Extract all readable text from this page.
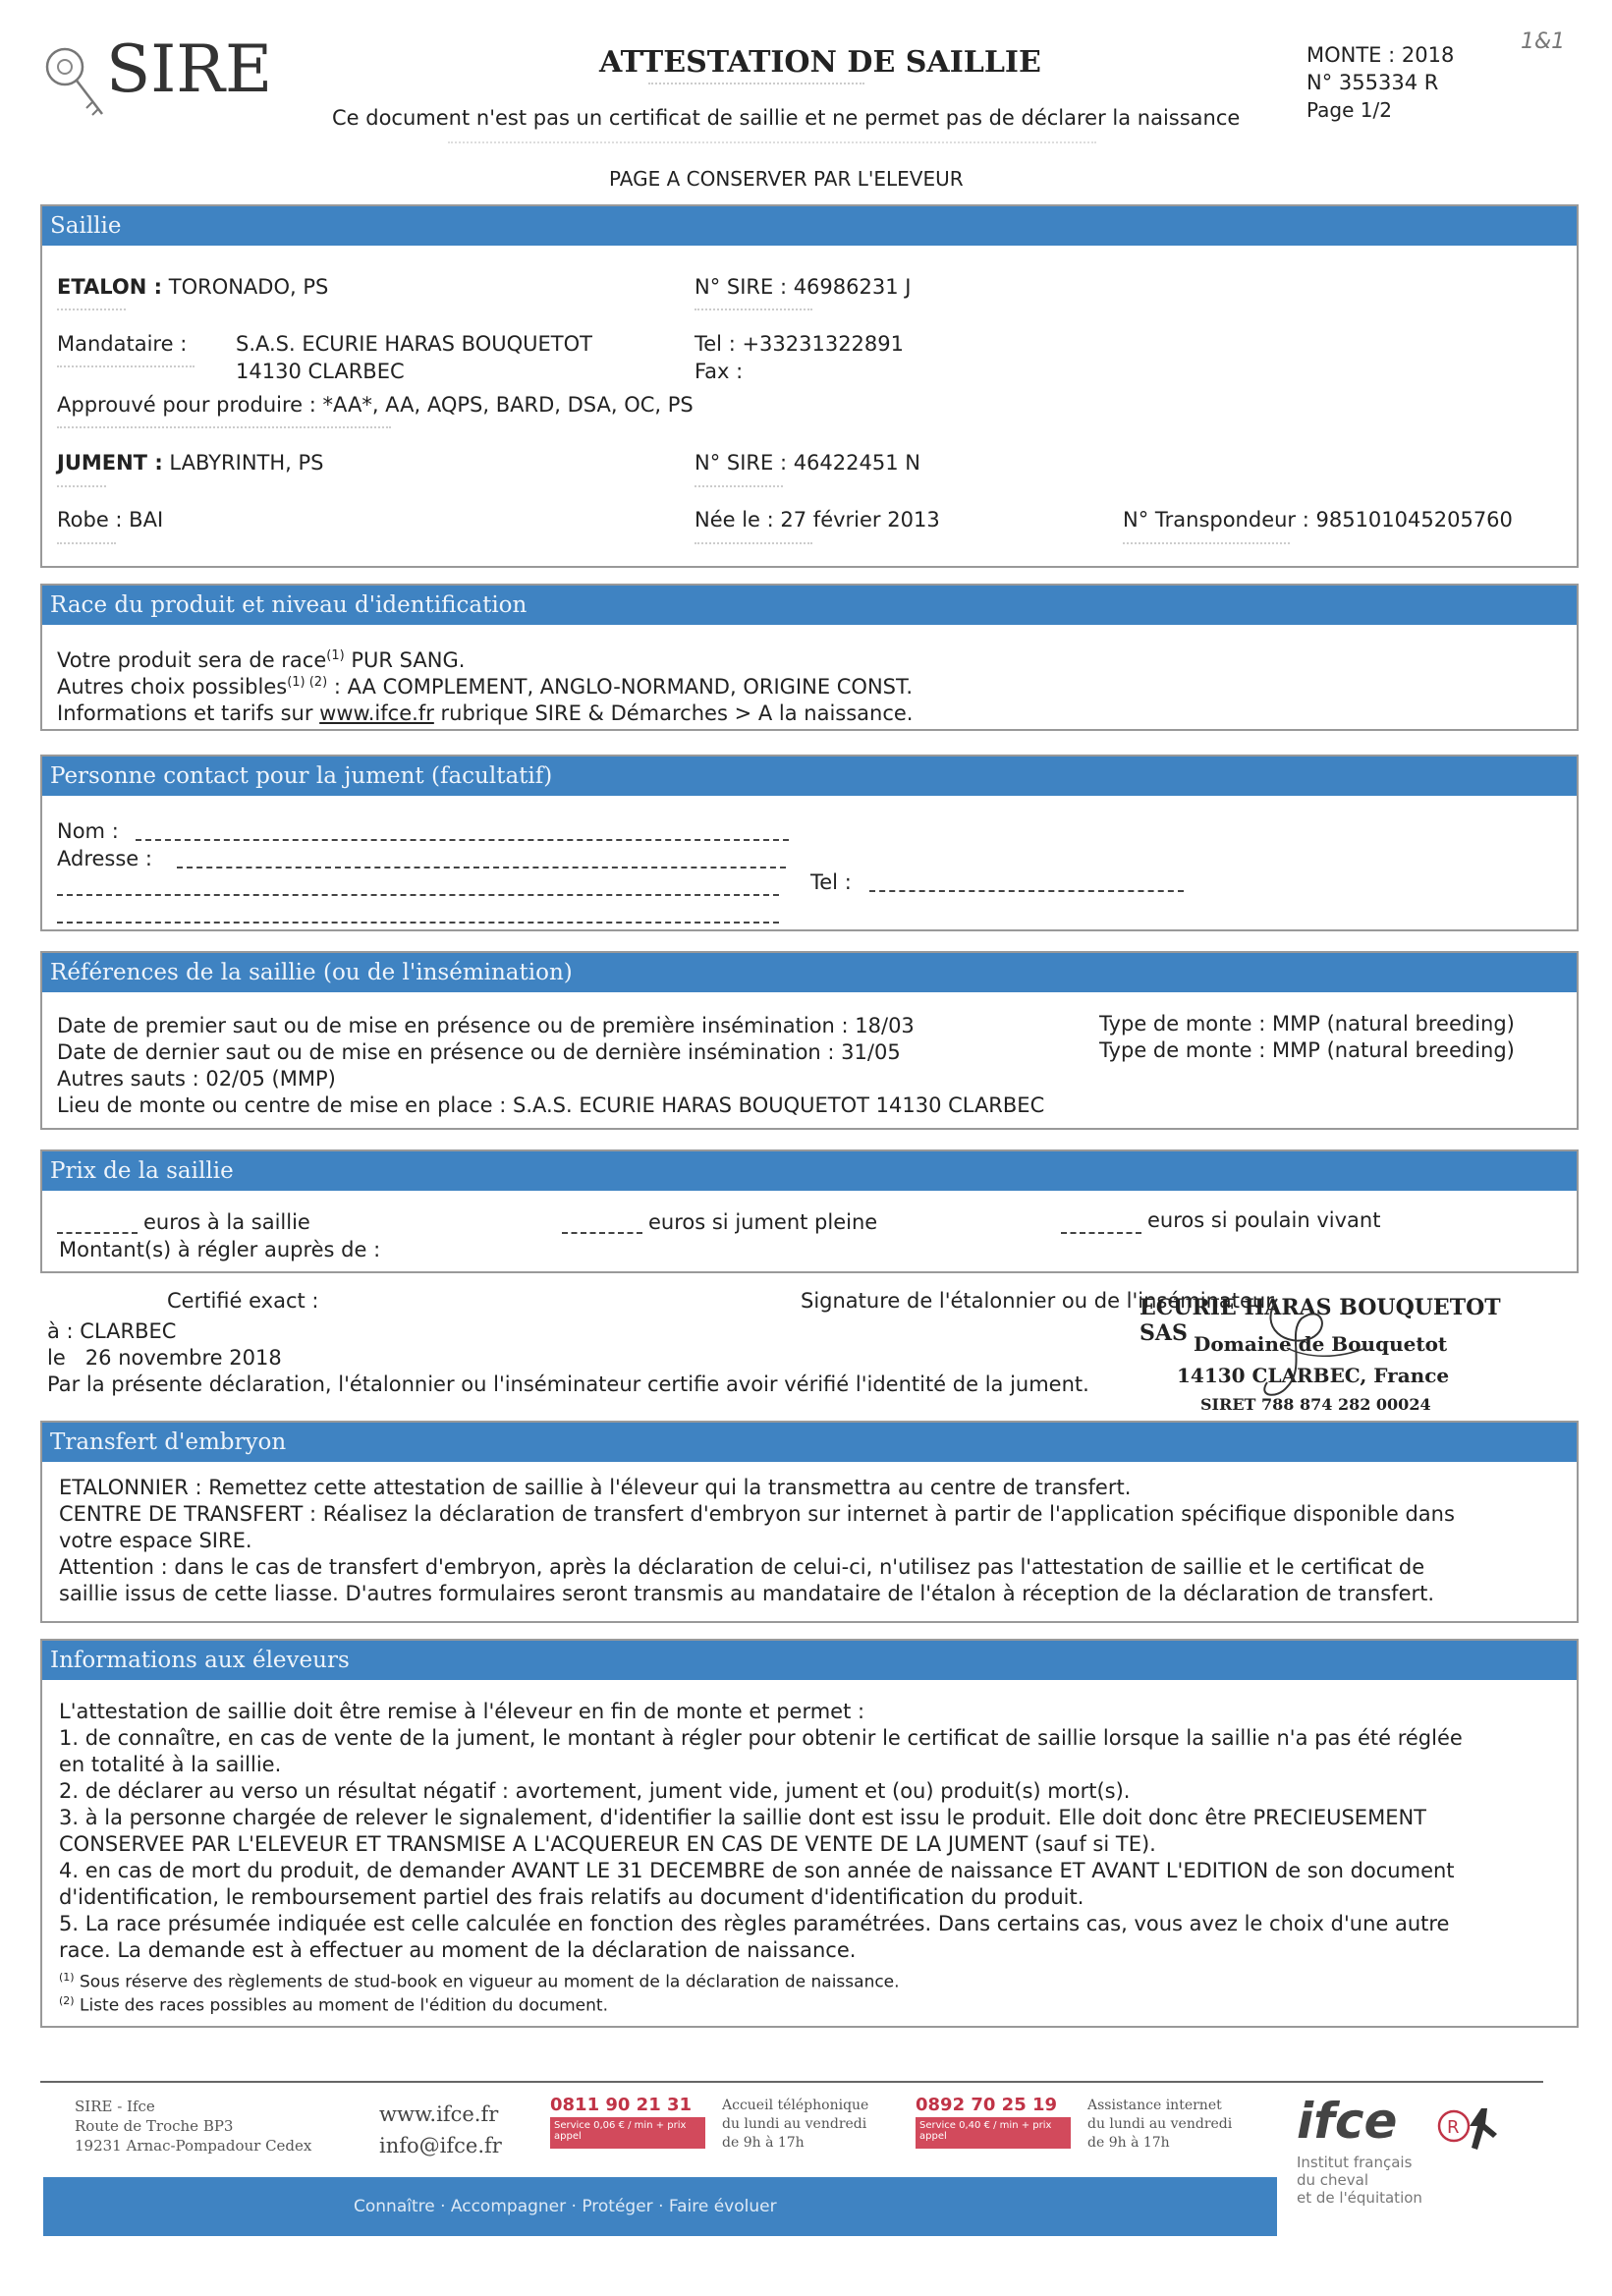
SIRE	ATTESTATION DE SAILLIE
Ce document n'est pas un certificat de saillie et ne permet pas de déclarer la naissance
PAGE A CONSERVER PAR L'ELEVEUR
MONTE : 2018
N° 355334 R
Page 1/2
1&1
Saillie
ETALON : TORONADO, PS	N° SIRE : 46986231 J
Mandataire : S.A.S. ECURIE HARAS BOUQUETOT
14130 CLARBEC
Tel : +33231322891
Fax :
Approuvé pour produire : *AA*, AA, AQPS, BARD, DSA, OC, PS
JUMENT : LABYRINTH, PS	N° SIRE : 46422451 N
Robe : BAI	Née le : 27 février 2013	N° Transpondeur : 985101045205760
Race du produit et niveau d'identification
Votre produit sera de race$^{(1)}$ PUR SANG.
Autres choix possibles$^{(1) (2)}$ : AA COMPLEMENT, ANGLO-NORMAND, ORIGINE CONST.
Informations et tarifs sur www.ifce.fr rubrique SIRE & Démarches > A la naissance.
Personne contact pour la jument (facultatif)
Nom :
Adresse :
Tel :
Références de la saillie (ou de l'insémination)
Date de premier saut ou de mise en présence ou de première insémination : 18/03	Type de monte : MMP (natural breeding)
Date de dernier saut ou de mise en présence ou de dernière insémination : 31/05	Type de monte : MMP (natural breeding)
Autres sauts : 02/05 (MMP)
Lieu de monte ou centre de mise en place : S.A.S. ECURIE HARAS BOUQUETOT 14130 CLARBEC
Prix de la saillie
euros à la saillie	euros si jument pleine	euros si poulain vivant
Montant(s) à régler auprès de :
Certifié exact :	Signature de l'étalonnier ou de l'inséminateur
à : CLARBEC
le 26 novembre 2018
Par la présente déclaration, l'étalonnier ou l'inséminateur certifie avoir vérifié l'identité de la jument.
ECURIE HARAS BOUQUETOT SAS Domaine de Bouquetot
14130 CLARBEC, France
SIRET 788 874 282 00024
Transfert d'embryon
ETALONNIER : Remettez cette attestation de saillie à l'éleveur qui la transmettra au centre de transfert.
CENTRE DE TRANSFERT : Réalisez la déclaration de transfert d'embryon sur internet à partir de l'application spécifique disponible dans
votre espace SIRE.
Attention : dans le cas de transfert d'embryon, après la déclaration de celui-ci, n'utilisez pas l'attestation de saillie et le certificat de
saillie issus de cette liasse. D'autres formulaires seront transmis au mandataire de l'étalon à réception de la déclaration de transfert.
Informations aux éleveurs
L'attestation de saillie doit être remise à l'éleveur en fin de monte et permet :
1. de connaître, en cas de vente de la jument, le montant à régler pour obtenir le certificat de saillie lorsque la saillie n'a pas été réglée
en totalité à la saillie.
2. de déclarer au verso un résultat négatif : avortement, jument vide, jument et (ou) produit(s) mort(s).
3. à la personne chargée de relever le signalement, d'identifier la saillie dont est issu le produit. Elle doit donc être PRECIEUSEMENT
CONSERVEE PAR L'ELEVEUR ET TRANSMISE A L'ACQUEREUR EN CAS DE VENTE DE LA JUMENT (sauf si TE).
4. en cas de mort du produit, de demander AVANT LE 31 DECEMBRE de son année de naissance ET AVANT L'EDITION de son document
d'identification, le remboursement partiel des frais relatifs au document d'identification du produit.
5. La race présumée indiquée est celle calculée en fonction des règles paramétrées. Dans certains cas, vous avez le choix d'une autre
race. La demande est à effectuer au moment de la déclaration de naissance.
$^{(1)}$ Sous réserve des règlements de stud-book en vigueur au moment de la déclaration de naissance.
$^{(2)}$ Liste des races possibles au moment de l'édition du document.
SIRE - Ifce
Route de Troche BP3
19231 Arnac-Pompadour Cedex
www.ifce.fr
info@ifce.fr
0811 90 21 31
Service 0,06 € / min + prix appel
Accueil téléphonique
du lundi au vendredi
de 9h à 17h
0892 70 25 19
Service 0,40 € / min + prix appel
Assistance internet
du lundi au vendredi
de 9h à 17h	ifce	R
Institut français
du cheval
et de l'équitation
Connaître · Accompagner · Protéger · Faire évoluer
